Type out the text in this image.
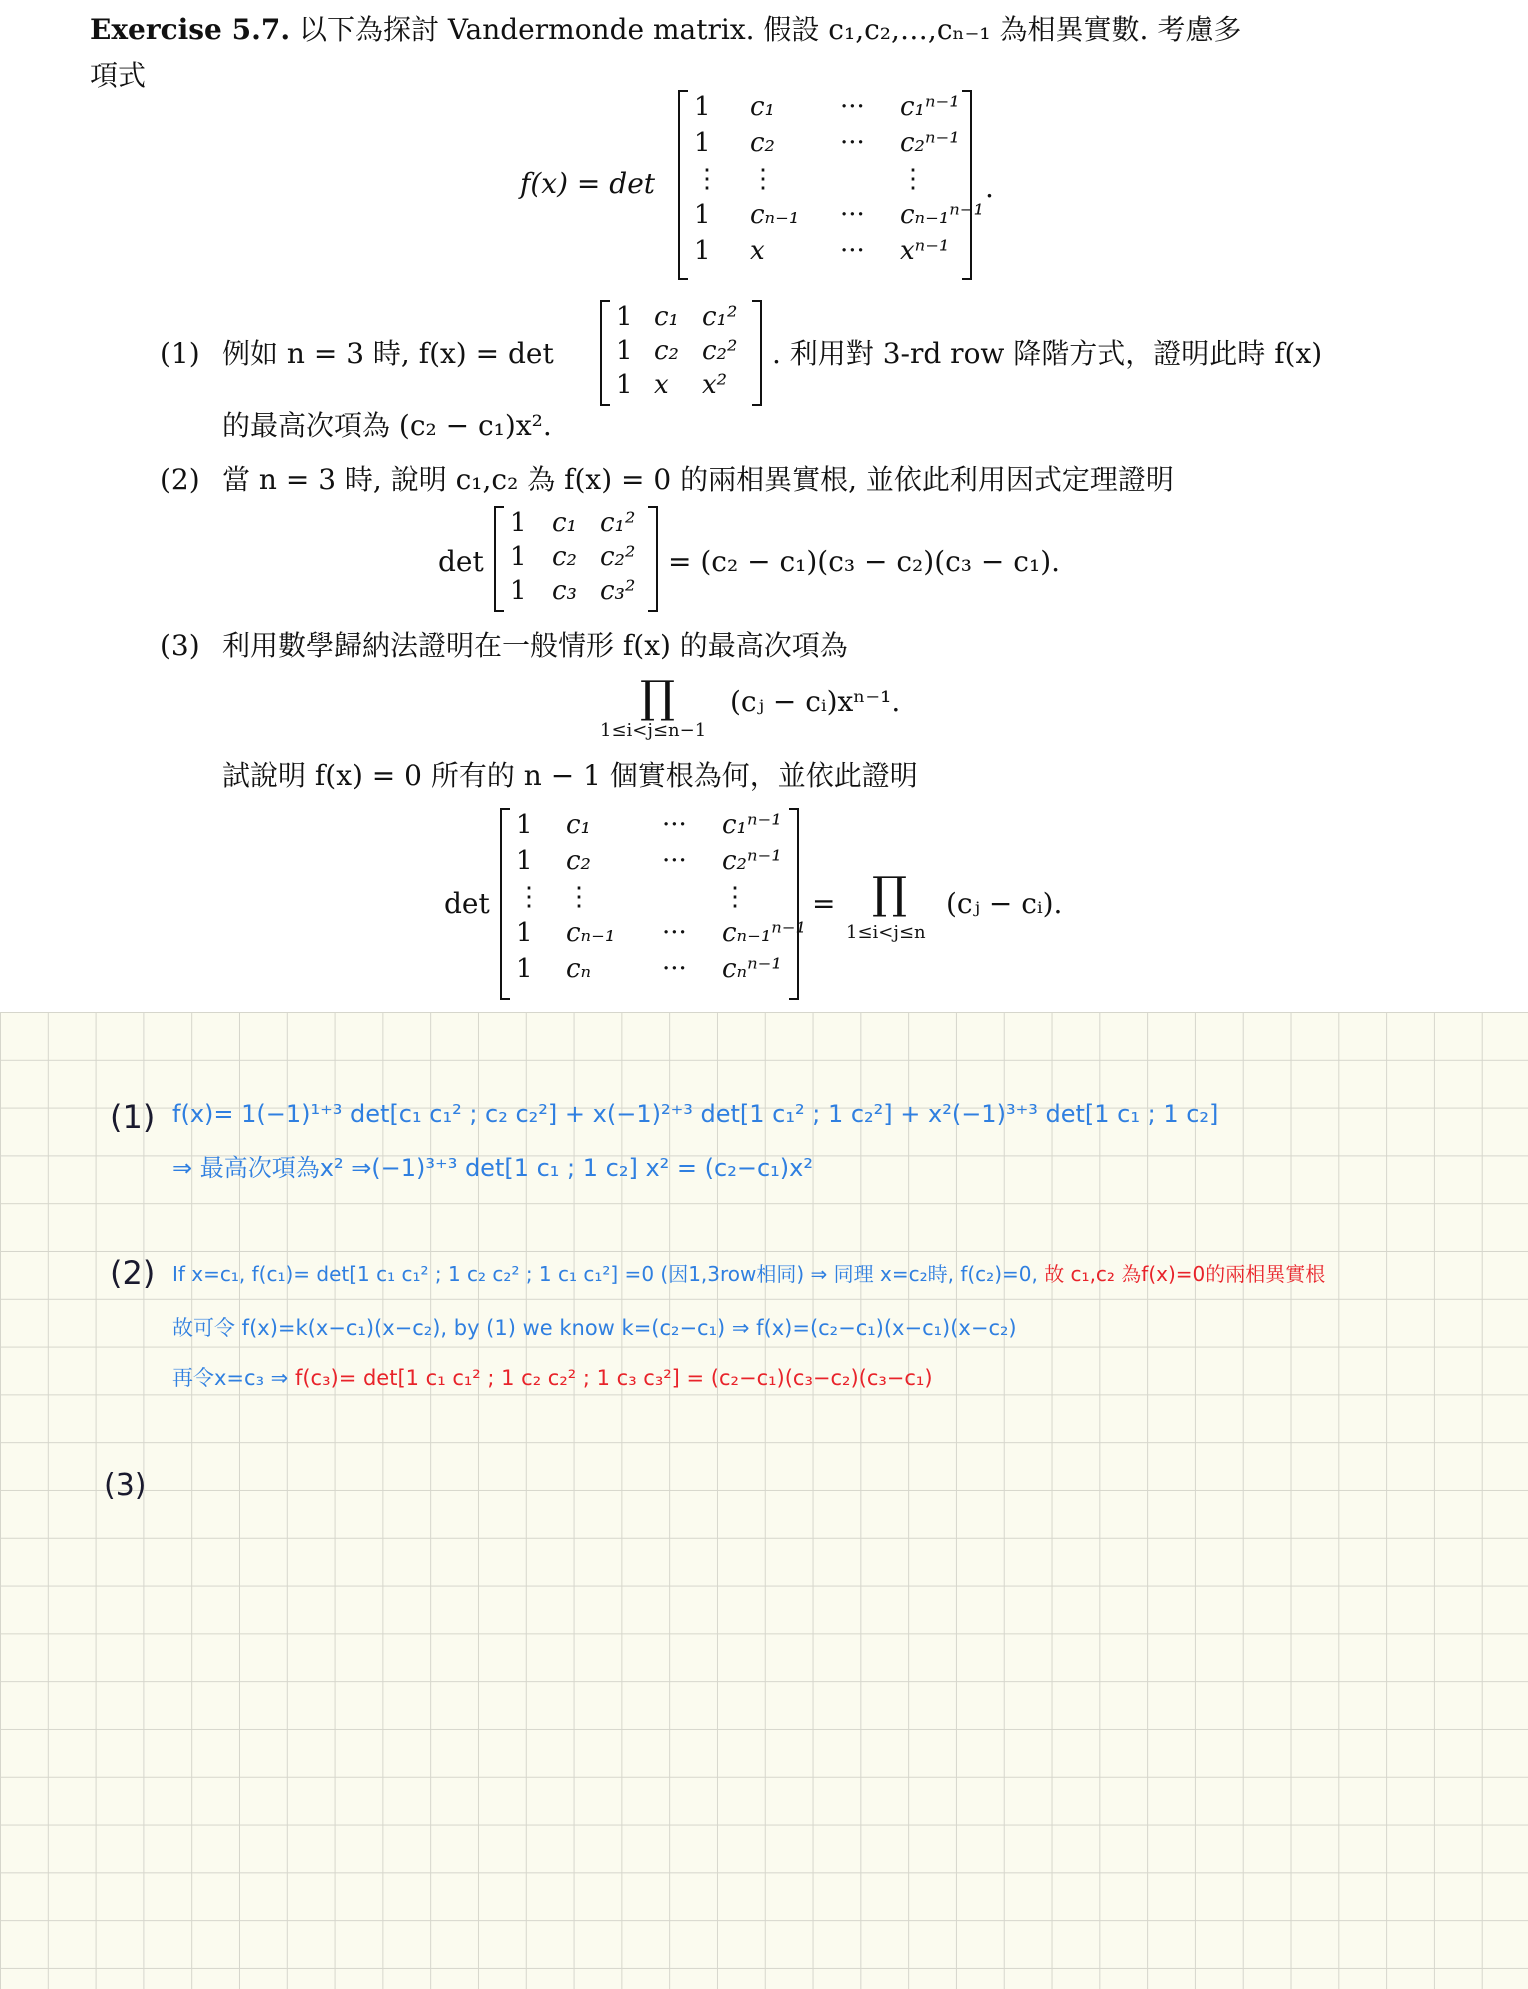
Exercise 5.7. 以下為探討 Vandermonde matrix. 假設 c₁,c₂,…,cₙ₋₁ 為相異實數. 考慮多
項式
f(x) = det
1 c₁	··· c₁ⁿ⁻¹
1 c₂	··· c₂ⁿ⁻¹
⋮ ⋮	⋮
1 cₙ₋₁ ··· cₙ₋₁ⁿ⁻¹
1 x	··· xⁿ⁻¹
.
(1) 例如 n = 3 時, f(x) = det
1 c₁ c₁²
1 c₂ c₂²
1 x x²
. 利用對 3-rd row 降階方式，證明此時 f(x)
的最高次項為 (c₂ − c₁)x².
(2) 當 n = 3 時, 說明 c₁,c₂ 為 f(x) = 0 的兩相異實根, 並依此利用因式定理證明
det
1 c₁ c₁²
1 c₂ c₂²
1 c₃ c₃²
= (c₂ − c₁)(c₃ − c₂)(c₃ − c₁).
(3) 利用數學歸納法證明在一般情形 f(x) 的最高次項為
∏ (cⱼ − cᵢ)xⁿ⁻¹.
1≤i<j≤n−1
試說明 f(x) = 0 所有的 n − 1 個實根為何，並依此證明
det
1 c₁	··· c₁ⁿ⁻¹
1 c₂	··· c₂ⁿ⁻¹
⋮ ⋮	⋮
1 cₙ₋₁ ··· cₙ₋₁ⁿ⁻¹
1 cₙ	··· cₙⁿ⁻¹
= ∏ (cⱼ − cᵢ).
1≤i<j≤n
(1) f(x)= 1(−1)¹⁺³ det[c₁ c₁² ; c₂ c₂²] + x(−1)²⁺³ det[1 c₁² ; 1 c₂²] + x²(−1)³⁺³ det[1 c₁ ; 1 c₂]
⇒ 最高次項為x² ⇒(−1)³⁺³ det[1 c₁ ; 1 c₂] x² = (c₂−c₁)x²
(2) If x=c₁, f(c₁)= det[1 c₁ c₁² ; 1 c₂ c₂² ; 1 c₁ c₁²] =0 (因1,3row相同) ⇒ 同理 x=c₂時, f(c₂)=0, 故 c₁,c₂ 為f(x)=0的兩相異實根
故可令 f(x)=k(x−c₁)(x−c₂), by (1) we know k=(c₂−c₁) ⇒ f(x)=(c₂−c₁)(x−c₁)(x−c₂)
再令x=c₃ ⇒ f(c₃)= det[1 c₁ c₁² ; 1 c₂ c₂² ; 1 c₃ c₃²] = (c₂−c₁)(c₃−c₂)(c₃−c₁)
(3)
